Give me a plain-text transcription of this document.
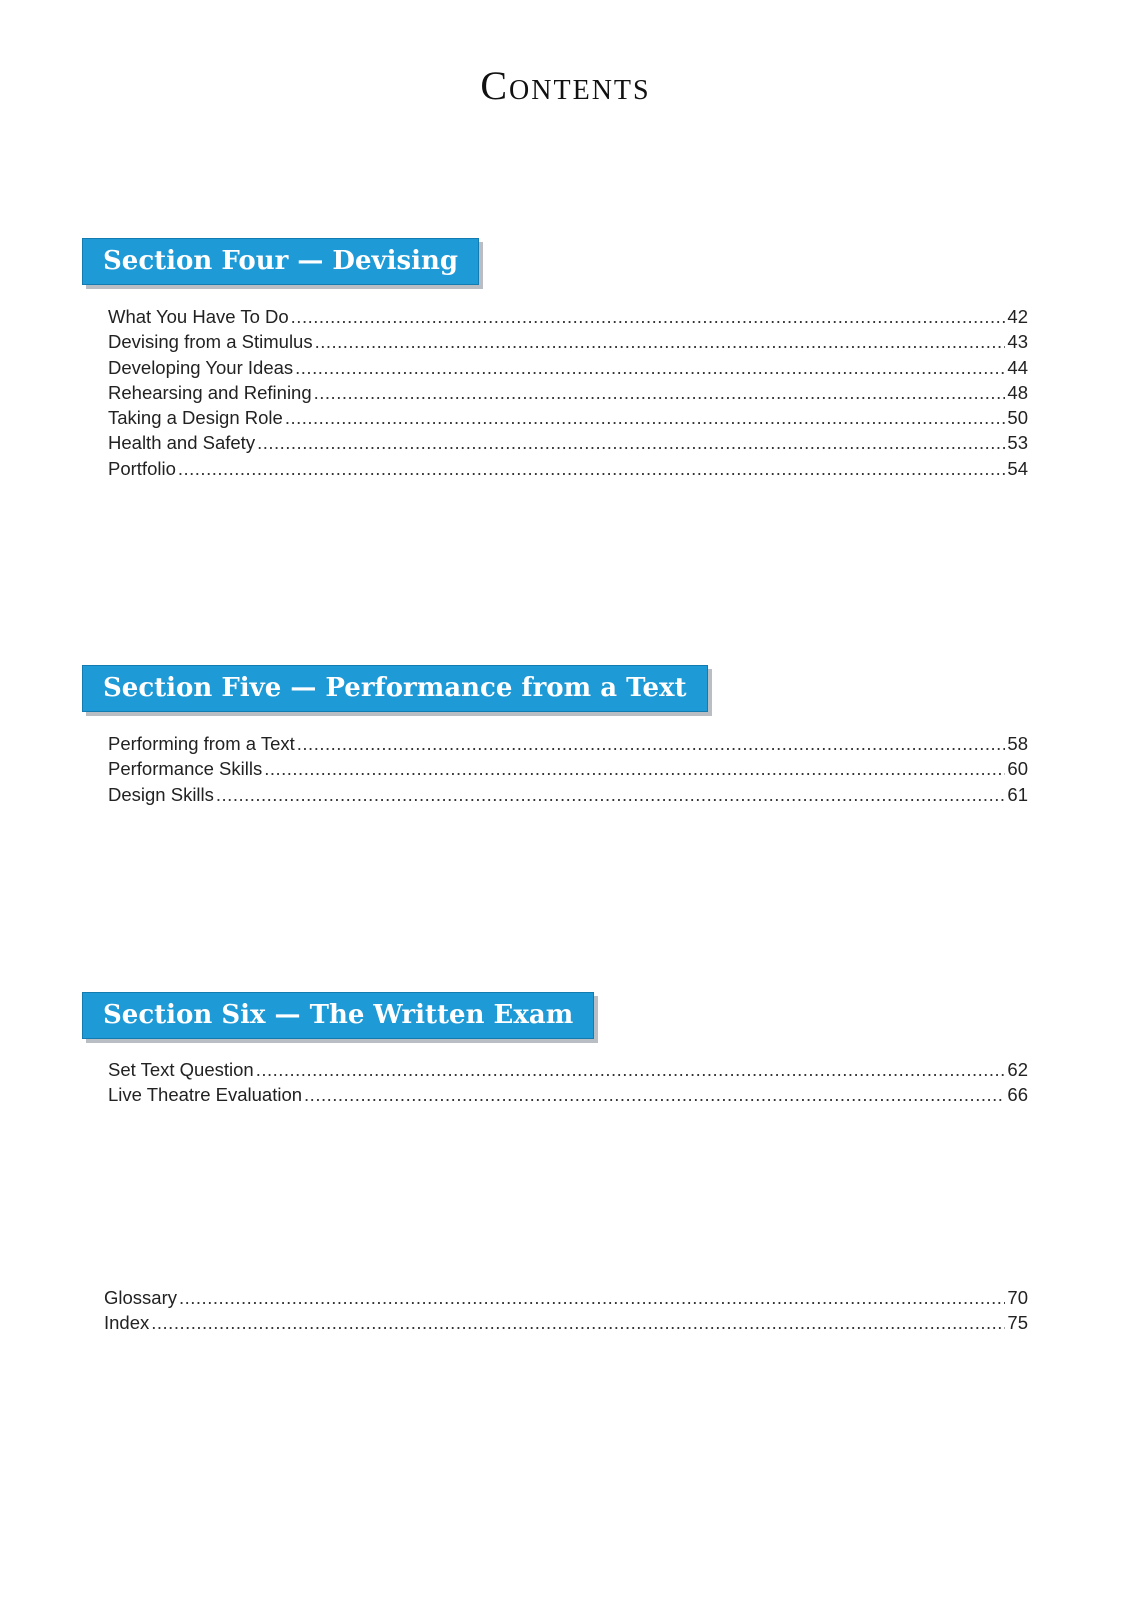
Contents
Section Four — Devising
What You Have To Do .....	42
Devising from a Stimulus .....	43
Developing Your Ideas .....	44
Rehearsing and Refining .....	48
Taking a Design Role .....	50
Health and Safety .....	53
Portfolio .....	54
Section Five — Performance from a Text
Performing from a Text .....	58
Performance Skills .....	60
Design Skills .....	61
Section Six — The Written Exam
Set Text Question .....	62
Live Theatre Evaluation .....	66
Glossary .....	70
Index .....	75
